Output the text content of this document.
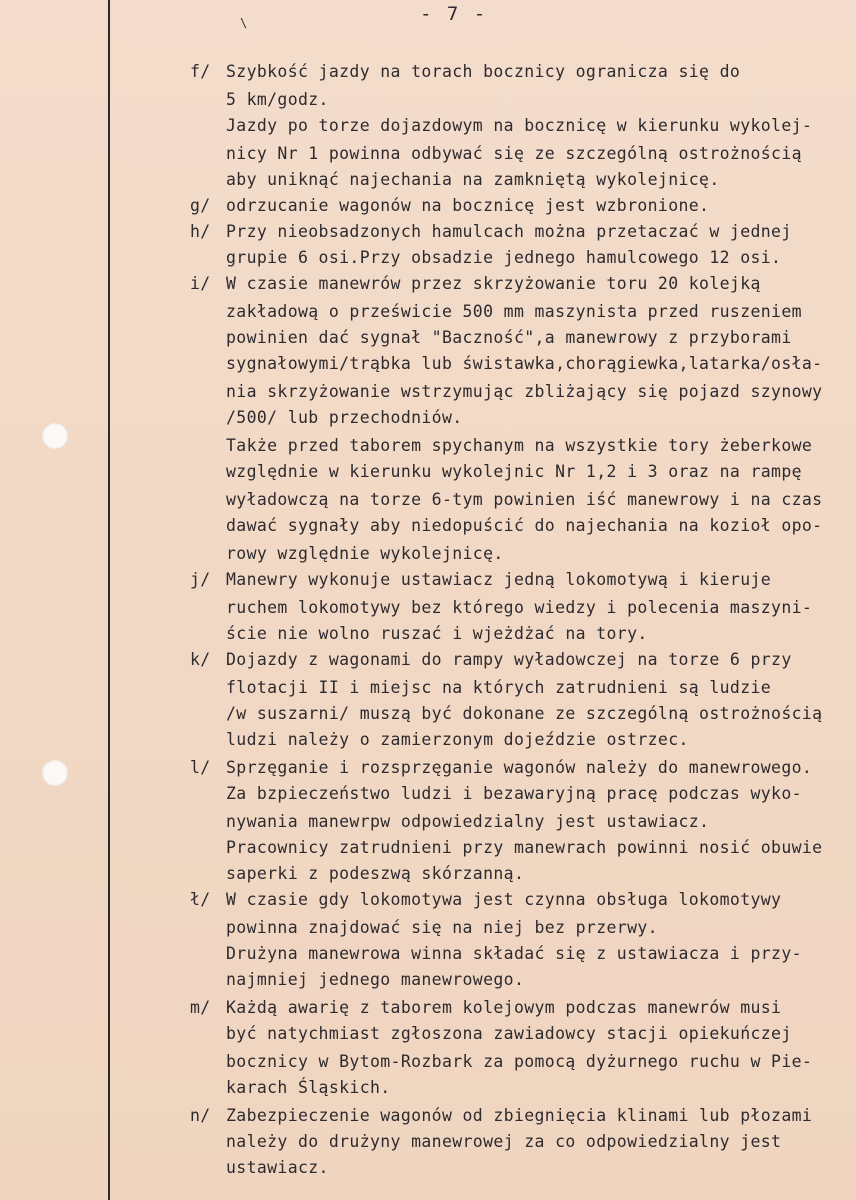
\	- 7 -
f/ Szybkość jazdy na torach bocznicy ogranicza się do
5 km/godz.
Jazdy po torze dojazdowym na bocznicę w kierunku wykolej-
nicy Nr 1 powinna odbywać się ze szczególną ostrożnością
aby uniknąć najechania na zamkniętą wykolejnicę.
g/ odrzucanie wagonów na bocznicę jest wzbronione.
h/ Przy nieobsadzonych hamulcach można przetaczać w jednej
grupie 6 osi.Przy obsadzie jednego hamulcowego 12 osi.
i/ W czasie manewrów przez skrzyżowanie toru 20 kolejką
zakładową o prześwicie 500 mm maszynista przed ruszeniem
powinien dać sygnał "Baczność",a manewrowy z przyborami
sygnałowymi/trąbka lub świstawka,chorągiewka,latarka/osła-
nia skrzyżowanie wstrzymując zbliżający się pojazd szynowy
/500/ lub przechodniów.
Także przed taborem spychanym na wszystkie tory żeberkowe
względnie w kierunku wykolejnic Nr 1,2 i 3 oraz na rampę
wyładowczą na torze 6-tym powinien iść manewrowy i na czas
dawać sygnały aby niedopuścić do najechania na kozioł opo-
rowy względnie wykolejnicę.
j/ Manewry wykonuje ustawiacz jedną lokomotywą i kieruje
ruchem lokomotywy bez którego wiedzy i polecenia maszyni-
ście nie wolno ruszać i wjeżdżać na tory.
k/ Dojazdy z wagonami do rampy wyładowczej na torze 6 przy
flotacji II i miejsc na których zatrudnieni są ludzie
/w suszarni/ muszą być dokonane ze szczególną ostrożnością
ludzi należy o zamierzonym dojeździe ostrzec.
l/ Sprzęganie i rozsprzęganie wagonów należy do manewrowego.
Za bzpieczeństwo ludzi i bezawaryjną pracę podczas wyko-
nywania manewrpw odpowiedzialny jest ustawiacz.
Pracownicy zatrudnieni przy manewrach powinni nosić obuwie
saperki z podeszwą skórzanną.
ł/ W czasie gdy lokomotywa jest czynna obsługa lokomotywy
powinna znajdować się na niej bez przerwy.
Drużyna manewrowa winna składać się z ustawiacza i przy-
najmniej jednego manewrowego.
m/ Każdą awarię z taborem kolejowym podczas manewrów musi
być natychmiast zgłoszona zawiadowcy stacji opiekuńczej
bocznicy w Bytom-Rozbark za pomocą dyżurnego ruchu w Pie-
karach Śląskich.
n/ Zabezpieczenie wagonów od zbiegnięcia klinami lub płozami
należy do drużyny manewrowej za co odpowiedzialny jest
ustawiacz.
